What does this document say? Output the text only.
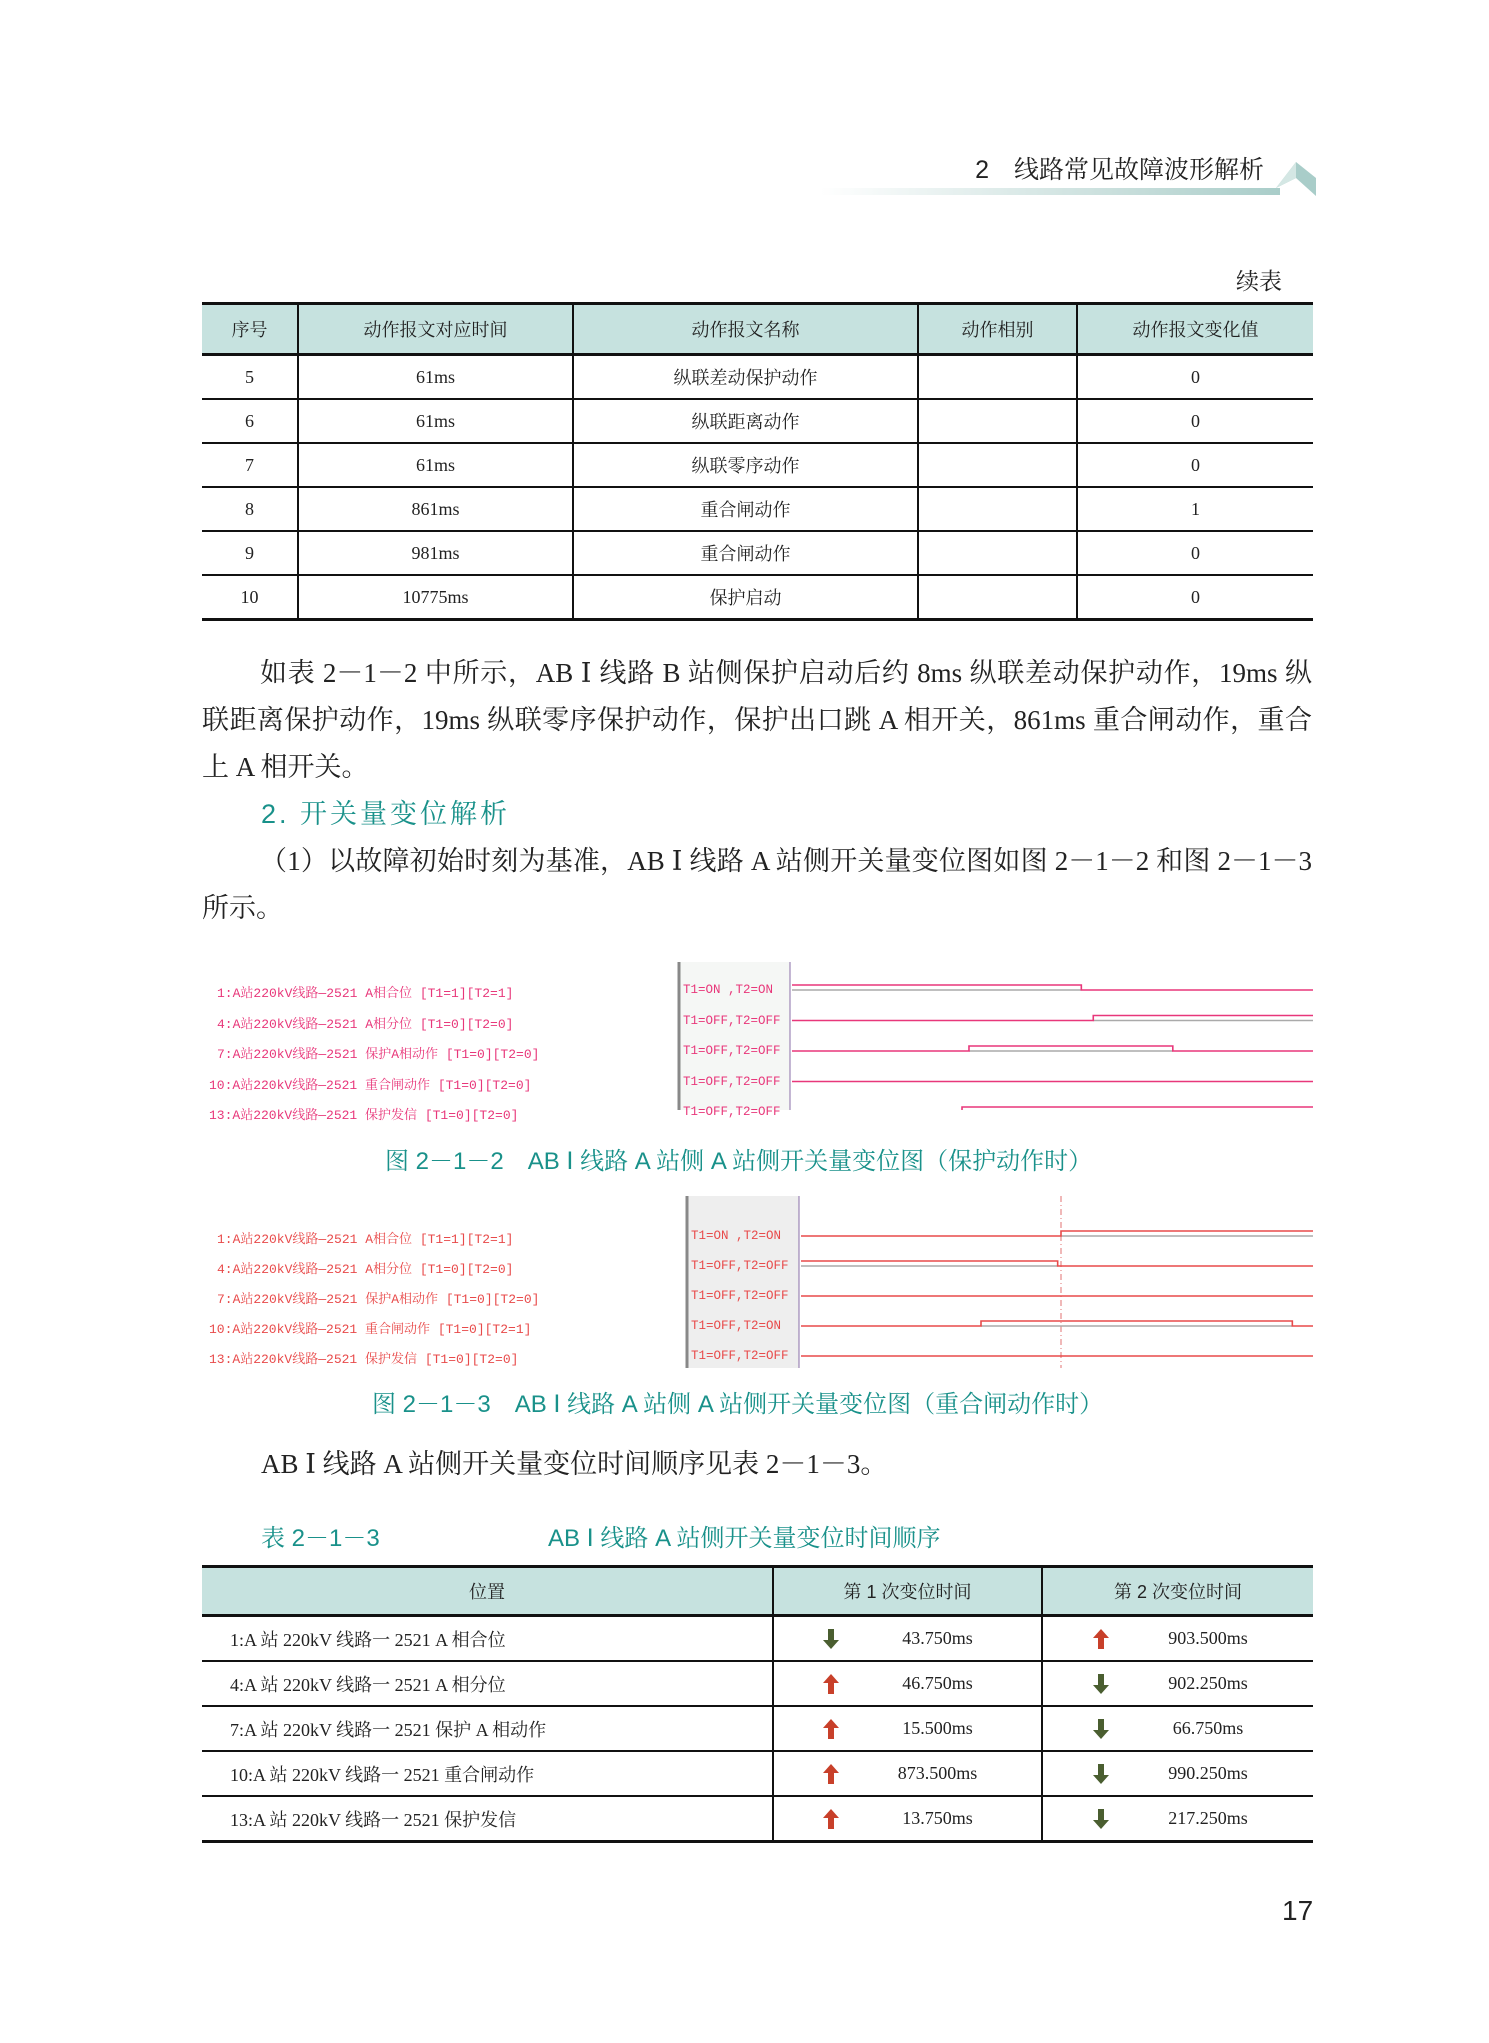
2　线路常见故障波形解析
续表
序号	动作报文对应时间	动作报文名称	动作相别	动作报文变化值
5	61ms	纵联差动保护动作		0
6	61ms	纵联距离动作		0
7	61ms	纵联零序动作		0
8	861ms	重合闸动作		1
9	981ms	重合闸动作		0
10	10775ms	保护启动		0
如表 2－1－2 中所示，AB Ⅰ 线路 B 站侧保护启动后约 8ms 纵联差动保护动作，19ms 纵联距离保护动作，19ms 纵联零序保护动作，保护出口跳 A 相开关，861ms 重合闸动作，重合上 A 相开关。
2. 开关量变位解析
（1）以故障初始时刻为基准，AB Ⅰ 线路 A 站侧开关量变位图如图 2－1－2 和图 2－1－3 所示。
1:A站220kV线路—2521 A相合位 [T1=1][T2=1]	T1=ON ,T2=ON
4:A站220kV线路—2521 A相分位 [T1=0][T2=0]	T1=OFF,T2=OFF
7:A站220kV线路—2521 保护A相动作 [T1=0][T2=0]	T1=OFF,T2=OFF
10:A站220kV线路—2521 重合闸动作 [T1=0][T2=0]	T1=OFF,T2=OFF
13:A站220kV线路—2521 保护发信 [T1=0][T2=0]	T1=OFF,T2=OFF
图 2－1－2　AB Ⅰ 线路 A 站侧 A 站侧开关量变位图（保护动作时）
1:A站220kV线路—2521 A相合位 [T1=1][T2=1]	T1=ON ,T2=ON
4:A站220kV线路—2521 A相分位 [T1=0][T2=0]	T1=OFF,T2=OFF
7:A站220kV线路—2521 保护A相动作 [T1=0][T2=0]	T1=OFF,T2=OFF
10:A站220kV线路—2521 重合闸动作 [T1=0][T2=1]	T1=OFF,T2=ON
13:A站220kV线路—2521 保护发信 [T1=0][T2=0]	T1=OFF,T2=OFF
图 2－1－3　AB Ⅰ 线路 A 站侧 A 站侧开关量变位图（重合闸动作时）
AB Ⅰ 线路 A 站侧开关量变位时间顺序见表 2－1－3。
表 2－1－3	AB Ⅰ 线路 A 站侧开关量变位时间顺序
位置	第 1 次变位时间	第 2 次变位时间
1:A 站 220kV 线路一 2521 A 相合位	43.750ms	903.500ms
4:A 站 220kV 线路一 2521 A 相分位	46.750ms	902.250ms
7:A 站 220kV 线路一 2521 保护 A 相动作	15.500ms	66.750ms
10:A 站 220kV 线路一 2521 重合闸动作	873.500ms	990.250ms
13:A 站 220kV 线路一 2521 保护发信	13.750ms	217.250ms
17
